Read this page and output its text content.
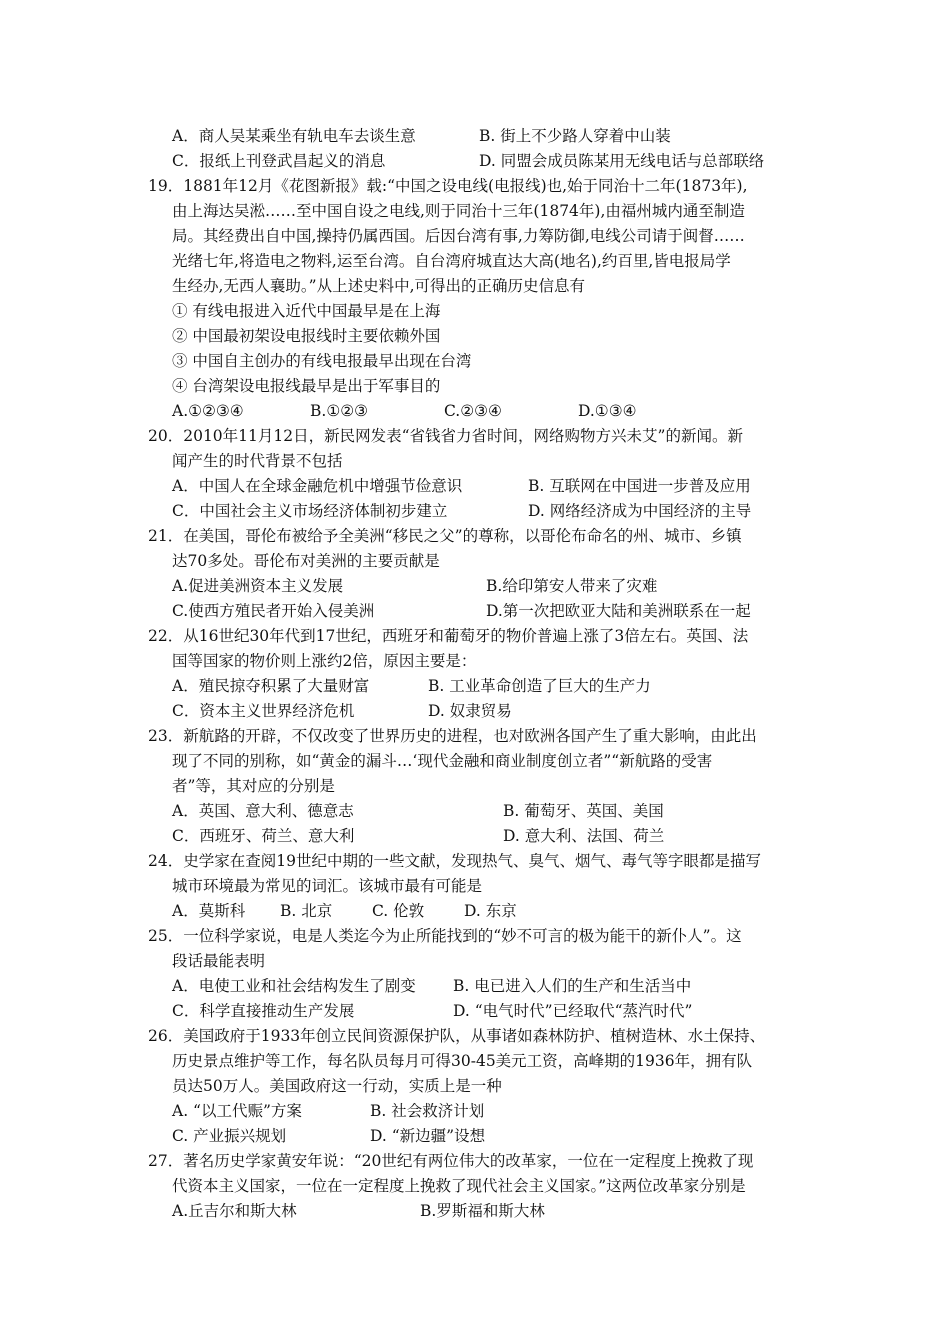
A．商人吴某乘坐有轨电车去谈生意	B. 街上不少路人穿着中山装
C．报纸上刊登武昌起义的消息	D. 同盟会成员陈某用无线电话与总部联络
19．1881年12月《花图新报》载:“中国之设电线(电报线)也,始于同治十二年(1873年),
由上海达吴淞……至中国自设之电线,则于同治十三年(1874年),由福州城内通至制造
局。其经费出自中国,操持仍属西国。后因台湾有事,力筹防御,电线公司请于闽督……
光绪七年,将造电之物料,运至台湾。自台湾府城直达大高(地名),约百里,皆电报局学
生经办,无西人襄助。”从上述史料中,可得出的正确历史信息有
① 有线电报进入近代中国最早是在上海
② 中国最初架设电报线时主要依赖外国
③ 中国自主创办的有线电报最早出现在台湾
④ 台湾架设电报线最早是出于军事目的
A.①②③④	B.①②③	C.②③④	D.①③④
20．2010年11月12日，新民网发表“省钱省力省时间，网络购物方兴未艾”的新闻。新
闻产生的时代背景不包括
A．中国人在全球金融危机中增强节俭意识	B. 互联网在中国进一步普及应用
C．中国社会主义市场经济体制初步建立	D. 网络经济成为中国经济的主导
21．在美国，哥伦布被给予全美洲“移民之父”的尊称，以哥伦布命名的州、城市、乡镇
达70多处。哥伦布对美洲的主要贡献是
A.促进美洲资本主义发展	B.给印第安人带来了灾难
C.使西方殖民者开始入侵美洲	D.第一次把欧亚大陆和美洲联系在一起
22．从16世纪30年代到17世纪，西班牙和葡萄牙的物价普遍上涨了3倍左右。英国、法
国等国家的物价则上涨约2倍，原因主要是：
A．殖民掠夺积累了大量财富	B. 工业革命创造了巨大的生产力
C．资本主义世界经济危机	D. 奴隶贸易
23．新航路的开辟，不仅改变了世界历史的进程，也对欧洲各国产生了重大影响，由此出
现了不同的别称，如“黄金的漏斗…‘现代金融和商业制度创立者”“新航路的受害
者”等，其对应的分别是
A．英国、意大利、德意志	B. 葡萄牙、英国、美国
C．西班牙、荷兰、意大利	D. 意大利、法国、荷兰
24．史学家在查阅19世纪中期的一些文献，发现热气、臭气、烟气、毒气等字眼都是描写
城市环境最为常见的词汇。该城市最有可能是
A．莫斯科 B. 北京	C. 伦敦	D. 东京
25．一位科学家说，电是人类迄今为止所能找到的“妙不可言的极为能干的新仆人”。这
段话最能表明
A．电使工业和社会结构发生了剧变 B. 电已进入人们的生产和生活当中
C．科学直接推动生产发展	D. “电气时代”已经取代“蒸汽时代”
26．美国政府于1933年创立民间资源保护队，从事诸如森林防护、植树造林、水土保持、
历史景点维护等工作，每名队员每月可得30-45美元工资，高峰期的1936年，拥有队
员达50万人。美国政府这一行动，实质上是一种
A. “以工代赈”方案	B. 社会救济计划
C. 产业振兴规划	D. “新边疆”设想
27．著名历史学家黄安年说：“20世纪有两位伟大的改革家，一位在一定程度上挽救了现
代资本主义国家，一位在一定程度上挽救了现代社会主义国家。”这两位改革家分别是
A.丘吉尔和斯大林	B.罗斯福和斯大林
